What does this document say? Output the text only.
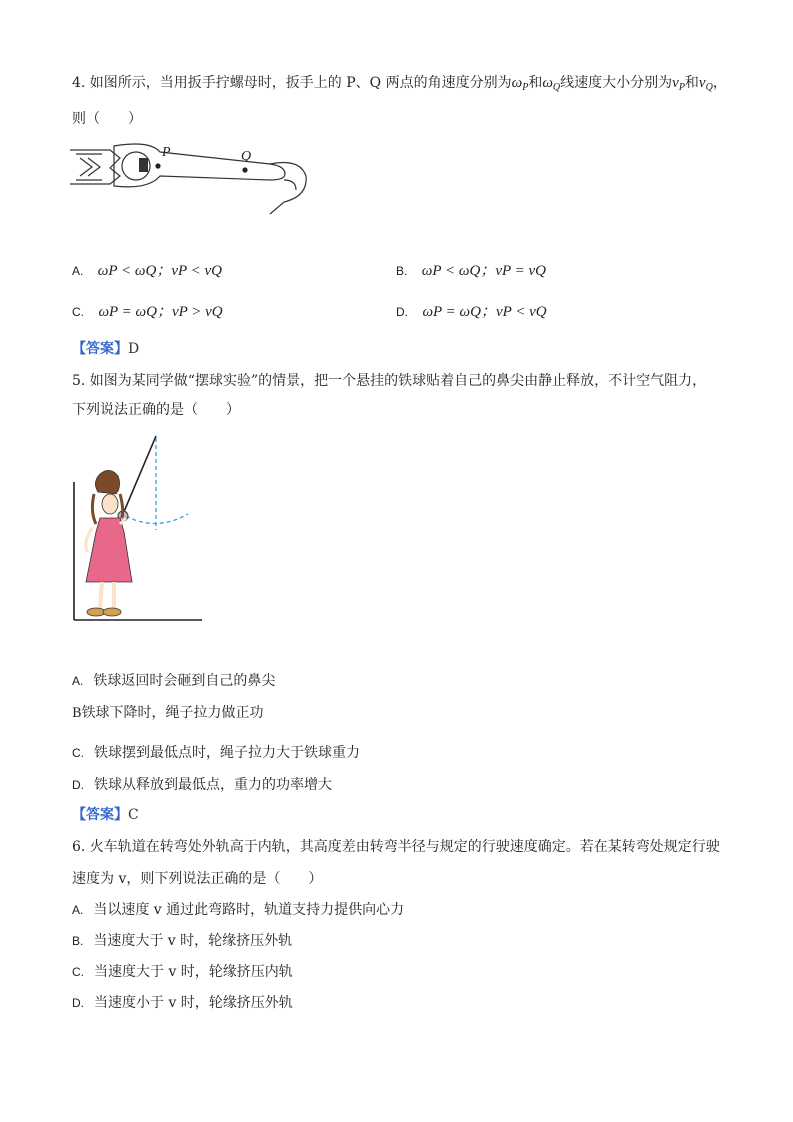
4. 如图所示，当用扳手拧螺母时，扳手上的 P、Q 两点的角速度分别为$\omega_P$和$\omega_Q$线速度大小分别为$v_P$和$v_Q$，
则（　　）
P	Q
A. ωP < ωQ；vP < vQ	B. ωP < ωQ；vP = vQ
C. ωP = ωQ；vP > vQ	D. ωP = ωQ；vP < vQ
【答案】D
5. 如图为某同学做“摆球实验”的情景，把一个悬挂的铁球贴着自己的鼻尖由静止释放，不计空气阻力，
下列说法正确的是（　　）
A. 铁球返回时会砸到自己的鼻尖
B铁球下降时，绳子拉力做正功
C. 铁球摆到最低点时，绳子拉力大于铁球重力
D. 铁球从释放到最低点，重力的功率增大
【答案】C
6. 火车轨道在转弯处外轨高于内轨，其高度差由转弯半径与规定的行驶速度确定。若在某转弯处规定行驶
速度为 v，则下列说法正确的是（　　）
A. 当以速度 v 通过此弯路时，轨道支持力提供向心力
B. 当速度大于 v 时，轮缘挤压外轨
C. 当速度大于 v 时，轮缘挤压内轨
D. 当速度小于 v 时，轮缘挤压外轨
